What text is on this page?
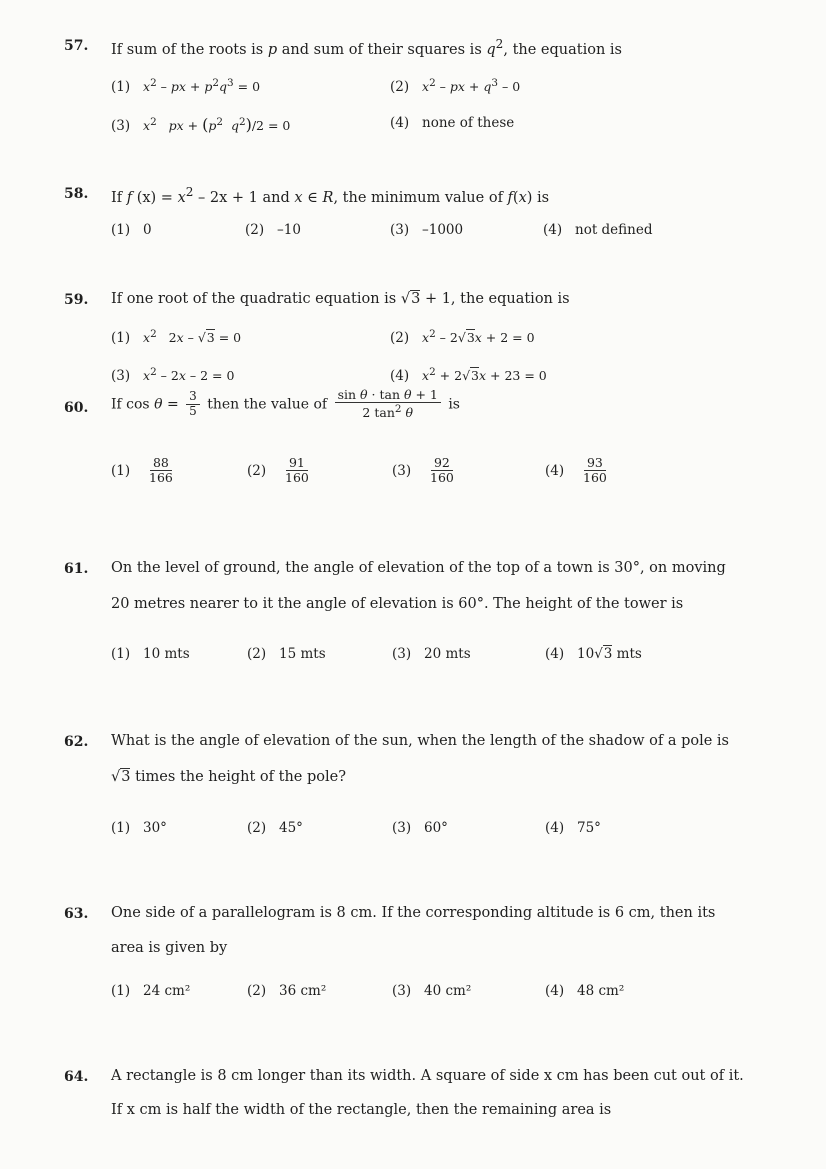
57. If sum of the roots is p and sum of their squares is $q^2$, the equation is
(1) $x^2$ – px + $p^2q^3 = 0$	(2) $x^2$ – px + $q^3 - 0$
(3) $x^2$ px + ($p^2$ $q^2)/2 = 0$	(4) none of these
58. If f $(x) = x^2 - 2x + 1$ and x ∈ R, the minimum value of f(x) is
(1) 0	(2) –10	(3) –1000	(4) not defined
59. If one root of the quadratic equation is √3 + 1, the equation is
(1) $x^2$   2x – √3 = 0	(2) $x^2 - 2√3x + 2 = 0$
(3) $x^2 - 2x - 2 = 0$	(4) $x^2 + 2√3x + 23 = 0$
60. If $\cos \theta = \frac{3}{5}$ then the value of $\frac{\text{sin θ · tan θ + 1}}{2 \tan^2 \theta}$ is
$(1) \frac{88}{166}$	$(2) \frac{91}{160}$	$(3) \frac{92}{160}$	$(4) \frac{93}{160}$
61. On the level of ground, the angle of elevation of the top of a town is 30°, on moving
20 metres nearer to it the angle of elevation is 60°. The height of the tower is
(1) 10 mts	(2) 15 mts	(3) 20 mts	(4) 10√3 mts
62. What is the angle of elevation of the sun, when the length of the shadow of a pole is
√3 times the height of the pole?
(1) 30°	(2) 45°	(3) 60°	(4) 75°
63. One side of a parallelogram is 8 cm. If the corresponding altitude is 6 cm, then its
area is given by
(1) 24 cm²	(2) 36 cm²	(3) 40 cm²	(4) 48 cm²
64. A rectangle is 8 cm longer than its width. A square of side x cm has been cut out of it.
If x cm is half the width of the rectangle, then the remaining area is
